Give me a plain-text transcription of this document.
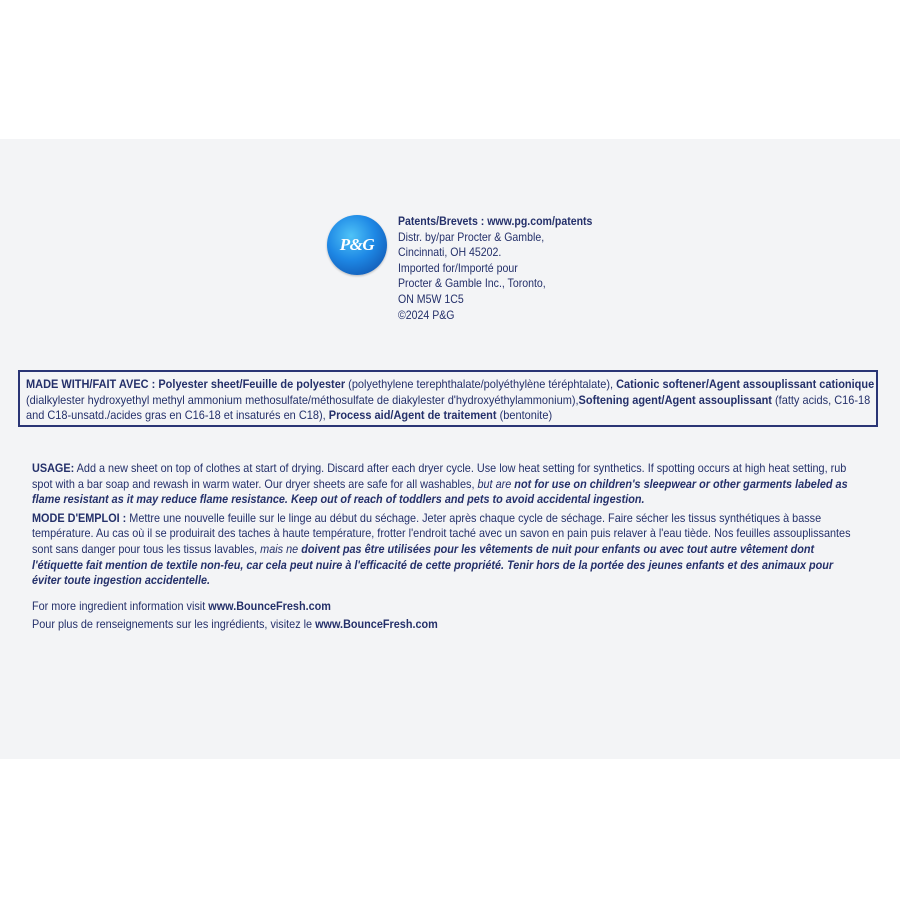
P&G
Patents/Brevets : www.pg.com/patents
Distr. by/par Procter & Gamble,
Cincinnati, OH 45202.
Imported for/Importé pour
Procter & Gamble Inc., Toronto,
ON M5W 1C5
©2024 P&G
MADE WITH/FAIT AVEC : Polyester sheet/Feuille de polyester (polyethylene terephthalate/polyéthylène téréphtalate), Cationic softener/Agent assouplissant cationique (dialkylester hydroxyethyl methyl ammonium methosulfate/méthosulfate de diakylester d'hydroxyéthylammonium),Softening agent/Agent assouplissant (fatty acids, C16-18 and C18-unsatd./acides gras en C16-18 et insaturés en C18), Process aid/Agent de traitement (bentonite)

USAGE: Add a new sheet on top of clothes at start of drying. Discard after each dryer cycle. Use low heat setting for synthetics. If spotting occurs at high heat setting, rub spot with a bar soap and rewash in warm water. Our dryer sheets are safe for all washables, but are not for use on children's sleepwear or other garments labeled as flame resistant as it may reduce flame resistance. Keep out of reach of toddlers and pets to avoid accidental ingestion.

MODE D'EMPLOI : Mettre une nouvelle feuille sur le linge au début du séchage. Jeter après chaque cycle de séchage. Faire sécher les tissus synthétiques à basse température. Au cas où il se produirait des taches à haute température, frotter l'endroit taché avec un savon en pain puis relaver à l'eau tiède. Nos feuilles assouplissantes sont sans danger pour tous les tissus lavables, mais ne doivent pas être utilisées pour les vêtements de nuit pour enfants ou avec tout autre vêtement dont l'étiquette fait mention de textile non-feu, car cela peut nuire à l'efficacité de cette propriété. Tenir hors de la portée des jeunes enfants et des animaux pour éviter toute ingestion accidentelle.

For more ingredient information visit www.BounceFresh.com

Pour plus de renseignements sur les ingrédients, visitez le www.BounceFresh.com
